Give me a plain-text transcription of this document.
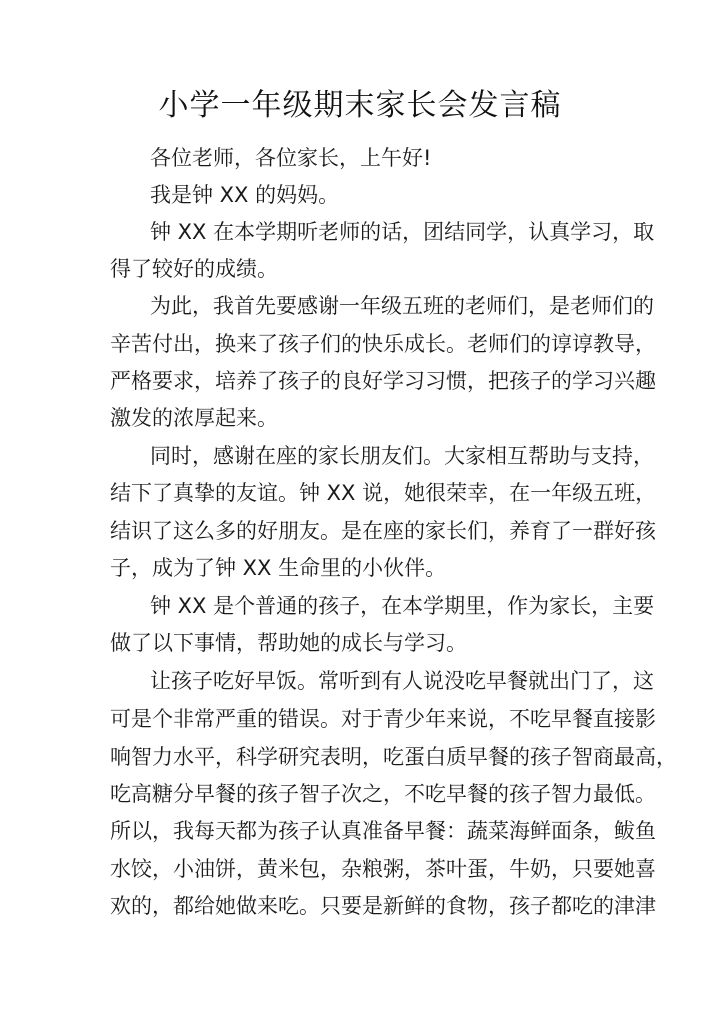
小学一年级期末家长会发言稿
各位老师，各位家长，上午好!
我是钟 XX 的妈妈。
钟 XX 在本学期听老师的话，团结同学，认真学习，取
得了较好的成绩。
为此，我首先要感谢一年级五班的老师们，是老师们的
辛苦付出，换来了孩子们的快乐成长。老师们的谆谆教导，
严格要求，培养了孩子的良好学习习惯，把孩子的学习兴趣
激发的浓厚起来。
同时，感谢在座的家长朋友们。大家相互帮助与支持，
结下了真挚的友谊。钟 XX 说，她很荣幸，在一年级五班，
结识了这么多的好朋友。是在座的家长们，养育了一群好孩
子，成为了钟 XX 生命里的小伙伴。
钟 XX 是个普通的孩子，在本学期里，作为家长，主要
做了以下事情，帮助她的成长与学习。
让孩子吃好早饭。常听到有人说没吃早餐就出门了，这
可是个非常严重的错误。对于青少年来说，不吃早餐直接影
响智力水平，科学研究表明，吃蛋白质早餐的孩子智商最高，
吃高糖分早餐的孩子智子次之，不吃早餐的孩子智力最低。
所以，我每天都为孩子认真准备早餐：蔬菜海鲜面条，鲅鱼
水饺，小油饼，黄米包，杂粮粥，茶叶蛋，牛奶，只要她喜
欢的，都给她做来吃。只要是新鲜的食物，孩子都吃的津津
